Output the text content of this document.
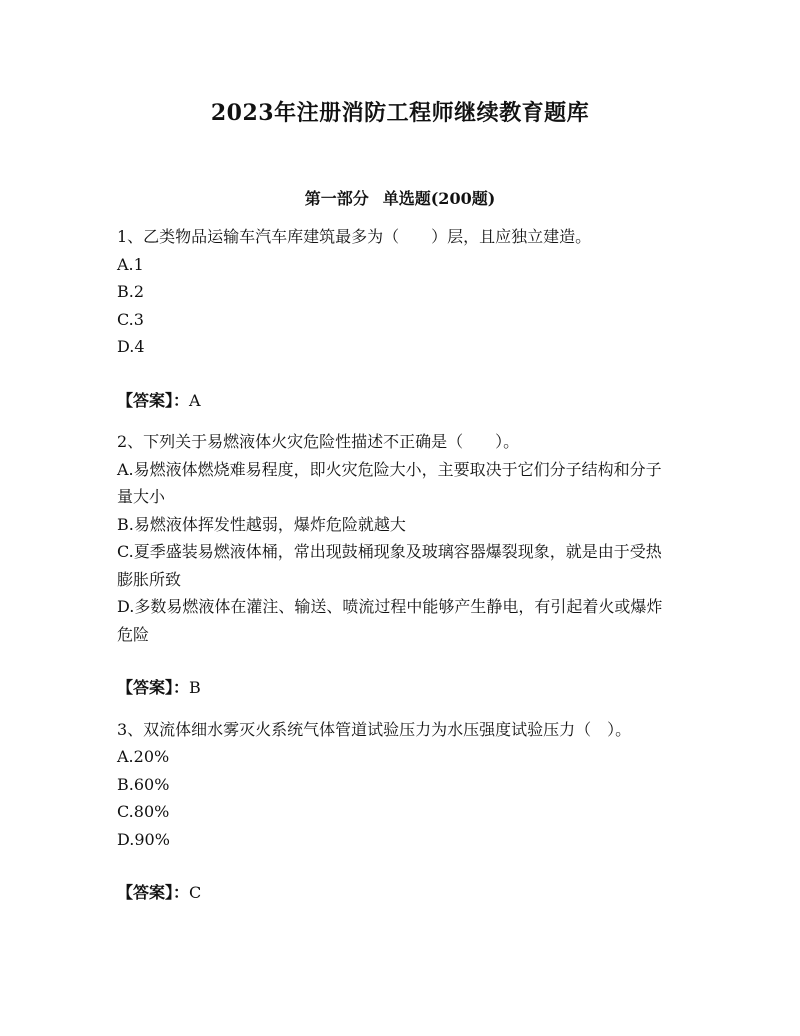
2023年注册消防工程师继续教育题库
第一部分 单选题(200题)

1、乙类物品运输车汽车库建筑最多为（　　）层，且应独立建造。

A.1

B.2

C.3

D.4

【答案】：A

2、下列关于易燃液体火灾危险性描述不正确是（　　）。

A.易燃液体燃烧难易程度，即火灾危险大小，主要取决于它们分子结构和分子量大小

B.易燃液体挥发性越弱，爆炸危险就越大

C.夏季盛装易燃液体桶，常出现鼓桶现象及玻璃容器爆裂现象，就是由于受热膨胀所致

D.多数易燃液体在灌注、输送、喷流过程中能够产生静电，有引起着火或爆炸危险

【答案】：B

3、双流体细水雾灭火系统气体管道试验压力为水压强度试验压力（　）。

A.20%

B.60%

C.80%

D.90%

【答案】：C
